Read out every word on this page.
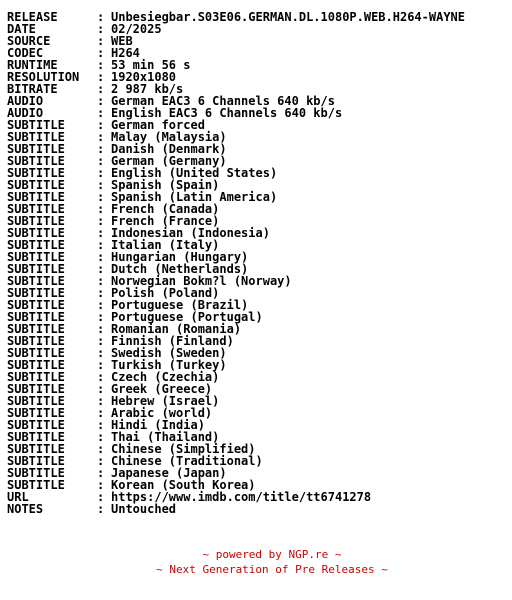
RELEASE	: Unbesiegbar.S03E06.GERMAN.DL.1080P.WEB.H264-WAYNE
DATE	: 02/2025
SOURCE	: WEB
CODEC	: H264
RUNTIME	: 53 min 56 s
RESOLUTION	: 1920x1080
BITRATE	: 2 987 kb/s
AUDIO	: German EAC3 6 Channels 640 kb/s
AUDIO	: English EAC3 6 Channels 640 kb/s
SUBTITLE	: German forced
SUBTITLE	: Malay (Malaysia)
SUBTITLE	: Danish (Denmark)
SUBTITLE	: German (Germany)
SUBTITLE	: English (United States)
SUBTITLE	: Spanish (Spain)
SUBTITLE	: Spanish (Latin America)
SUBTITLE	: French (Canada)
SUBTITLE	: French (France)
SUBTITLE	: Indonesian (Indonesia)
SUBTITLE	: Italian (Italy)
SUBTITLE	: Hungarian (Hungary)
SUBTITLE	: Dutch (Netherlands)
SUBTITLE	: Norwegian Bokm?l (Norway)
SUBTITLE	: Polish (Poland)
SUBTITLE	: Portuguese (Brazil)
SUBTITLE	: Portuguese (Portugal)
SUBTITLE	: Romanian (Romania)
SUBTITLE	: Finnish (Finland)
SUBTITLE	: Swedish (Sweden)
SUBTITLE	: Turkish (Turkey)
SUBTITLE	: Czech (Czechia)
SUBTITLE	: Greek (Greece)
SUBTITLE	: Hebrew (Israel)
SUBTITLE	: Arabic (world)
SUBTITLE	: Hindi (India)
SUBTITLE	: Thai (Thailand)
SUBTITLE	: Chinese (Simplified)
SUBTITLE	: Chinese (Traditional)
SUBTITLE	: Japanese (Japan)
SUBTITLE	: Korean (South Korea)
URL	: https://www.imdb.com/title/tt6741278
NOTES	: Untouched
~ powered by NGP.re ~
~ Next Generation of Pre Releases ~
